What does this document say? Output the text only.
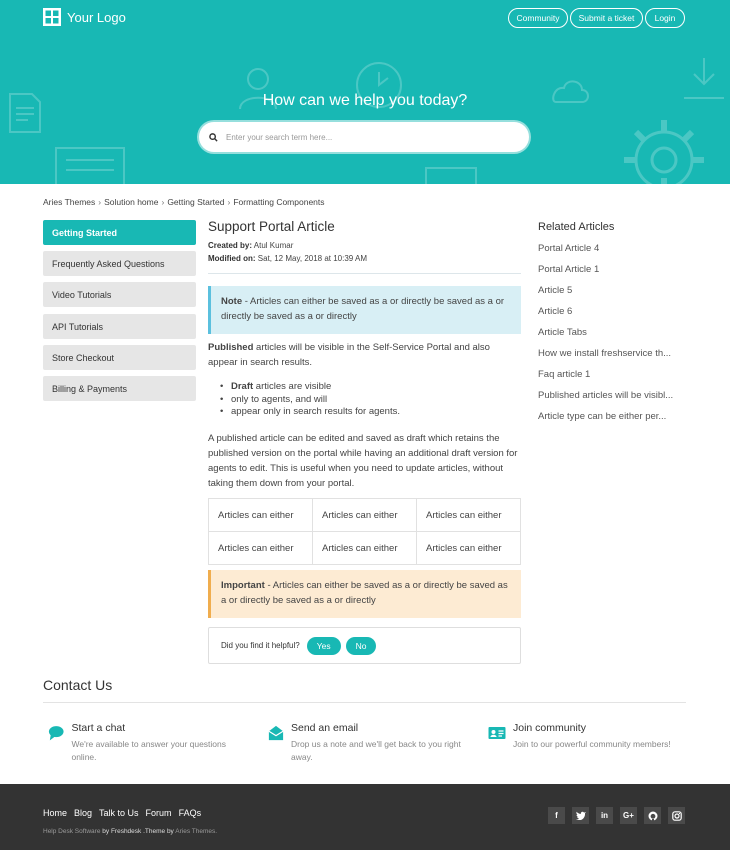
Your Logo	Community	Submit a ticket	Login
How can we help you today?
Enter your search term here...
Aries Themes › Solution home › Getting Started › Formatting Components
Getting Started
Frequently Asked Questions
Video Tutorials
API Tutorials
Store Checkout
Billing & Payments
Support Portal Article
Created by: Atul Kumar
Modified on: Sat, 12 May, 2018 at 10:39 AM
Note - Articles can either be saved as a or directly be saved as a or directly be saved as a or directly
Published articles will be visible in the Self-Service Portal and also appear in search results.
• Draft articles are visible
• only to agents, and will
• appear only in search results for agents.
A published article can be edited and saved as draft which retains the published version on the portal while having an additional draft version for agents to edit. This is useful when you need to update articles, without taking them down from your portal.
Articles can either	Articles can either	Articles can either
Articles can either	Articles can either	Articles can either
Important - Articles can either be saved as a or directly be saved as a or directly be saved as a or directly
Did you find it helpful?	Yes	No
Related Articles
Portal Article 4
Portal Article 1
Article 5
Article 6
Article Tabs
How we install freshservice th...
Faq article 1
Published articles will be visibl...
Article type can be either per...
Contact Us
Start a chat
We're available to answer your questions online.
Send an email
Drop us a note and we'll get back to you right away.
Join community
Join to our powerful community members!
Home Blog Talk to Us Forum FAQs
Help Desk Software by Freshdesk .Theme by Aries Themes.
f	in	G+
